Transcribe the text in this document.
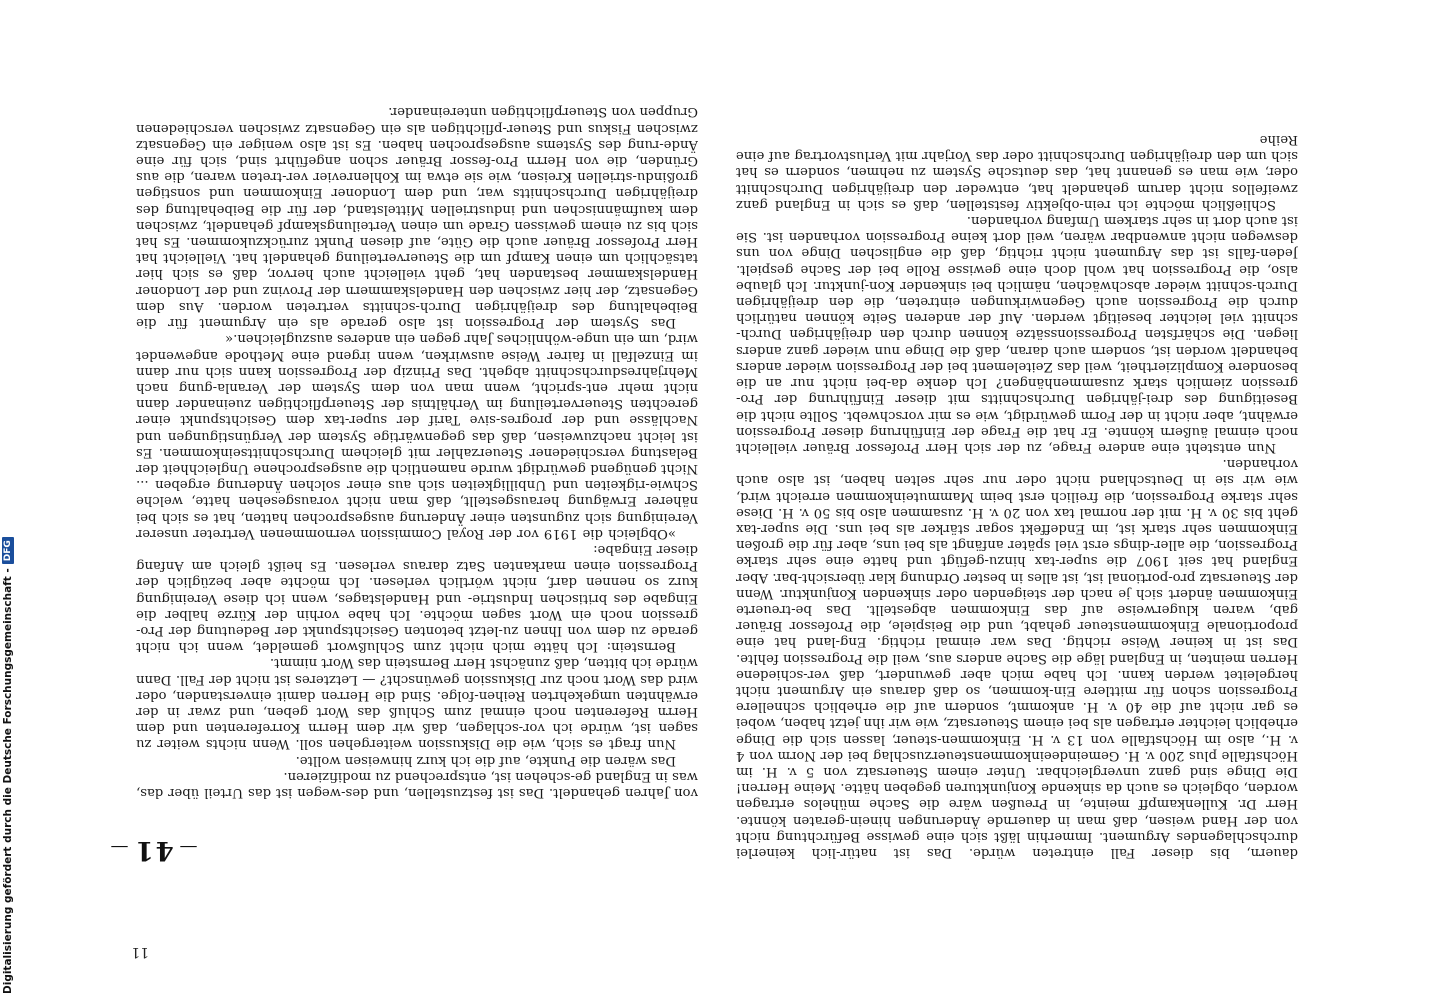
— 41 —

von Jahren gehandelt. Das ist festzustellen, und des-wegen ist das Urteil über das, was in England ge-schehen ist, entsprechend zu modifizieren.

Das wären die Punkte, auf die ich kurz hinweisen wollte.

Nun fragt es sich, wie die Diskussion weitergehen soll. Wenn nichts weiter zu sagen ist, würde ich vor-schlagen, daß wir dem Herrn Korreferenten und dem Herrn Referenten noch einmal zum Schluß das Wort geben, und zwar in der erwähnten umgekehrten Reihen-folge. Sind die Herren damit einverstanden, oder wird das Wort noch zur Diskussion gewünscht? — Letzteres ist nicht der Fall. Dann würde ich bitten, daß zunächst Herr Bernstein das Wort nimmt.

Bernstein: Ich hätte mich nicht zum Schlußwort gemeldet, wenn ich nicht gerade zu dem von Ihnen zu-letzt betonten Gesichtspunkt der Bedeutung der Pro-gression noch ein Wort sagen möchte. Ich habe vorhin der Kürze halber die Eingabe des britischen Industrie- und Handelstages, wenn ich diese Vereinigung kurz so nennen darf, nicht wörtlich verlesen. Ich möchte aber bezüglich der Progression einen markanten Satz daraus verlesen. Es heißt gleich am Anfang dieser Eingabe:

»Obgleich die 1919 vor der Royal Commission vernommenen Vertreter unserer Vereinigung sich zugunsten einer Änderung ausgesprochen hatten, hat es sich bei näherer Erwägung herausgestellt, daß man nicht vorausgesehen hatte, welche Schwie-rigkeiten und Unbilligkeiten sich aus einer solchen Änderung ergeben ... Nicht genügend gewürdigt wurde namentlich die ausgesprochene Ungleichheit der Belastung verschiedener Steuerzahler mit gleichem Durchschnittseinkommen. Es ist leicht nachzuweisen, daß das gegenwärtige System der Vergünstigungen und Nachlässe und der progres-sive Tarif der super-tax dem Gesichtspunkt einer gerechten Steuerverteilung im Verhältnis der Steuerpflichtigen zueinander dann nicht mehr ent-spricht, wenn man von dem System der Veranla-gung nach Mehrjahresdurchschnitt abgeht. Das Prinzip der Progression kann sich nur dann im Einzelfall in fairer Weise auswirken, wenn irgend eine Methode angewendet wird, um ein unge-wöhnliches Jahr gegen ein anderes auszugleichen.«

Das System der Progression ist also gerade als ein Argument für die Beibehaltung des dreijährigen Durch-schnitts vertreten worden. Aus dem Gegensatz, der hier zwischen den Handelskammern der Provinz und der Londoner Handelskammer bestanden hat, geht vielleicht auch hervor, daß es sich hier tatsächlich um einen Kampf um die Steuerverteilung gehandelt hat. Vielleicht hat Herr Professor Bräuer auch die Güte, auf diesen Punkt zurückzukommen. Es hat sich bis zu einem gewissen Grade um einen Verteilungskampf gehandelt, zwischen dem kaufmännischen und industriellen Mittelstand, der für die Beibehaltung des dreijährigen Durchschnitts war, und dem Londoner Einkommen und sonstigen großindu-striellen Kreisen, wie sie etwa im Kohlenrevier ver-treten waren, die aus Gründen, die von Herrn Pro-fessor Bräuer schon angeführt sind, sich für eine Ände-rung des Systems ausgesprochen haben. Es ist also weniger ein Gegensatz zwischen Fiskus und Steuer-pflichtigen als ein Gegensatz zwischen verschiedenen Gruppen von Steuerpflichtigen untereinander.

dauern, bis dieser Fall eintreten würde. Das ist natür-lich keinerlei durchschlagendes Argument. Immerhin läßt sich eine gewisse Befürchtung nicht von der Hand weisen, daß man in dauernde Änderungen hinein-geraten könnte. Herr Dr. Kullenkampff meinte, in Preußen wäre die Sache mühelos ertragen worden, obgleich es auch da sinkende Konjunkturen gegeben hätte. Meine Herren! Die Dinge sind ganz unvergleichbar. Unter einem Steuersatz von 5 v. H. im Höchstfalle plus 200 v. H. Gemeindeeinkommensteuerzuschlag bei der Norm von 4 v. H., also im Höchstfalle von 13 v. H. Einkommen-steuer, lassen sich die Dinge erheblich leichter ertragen als bei einem Steuersatz, wie wir ihn jetzt haben, wobei es gar nicht auf die 40 v. H. ankommt, sondern auf die erheblich schnellere Progression schon für mittlere Ein-kommen, so daß daraus ein Argument nicht hergeleitet werden kann. Ich habe mich aber gewundert, daß ver-schiedene Herren meinten, in England läge die Sache anders aus, weil die Progression fehlte. Das ist in keiner Weise richtig. Das war einmal richtig. Eng-land hat eine proportionale Einkommensteuer gehabt, und die Beispiele, die Professor Bräuer gab, waren klugerweise auf das Einkommen abgestellt. Das be-treuerte Einkommen ändert sich je nach der steigenden oder sinkenden Konjunktur. Wenn der Steuersatz pro-portional ist, ist alles in bester Ordnung klar übersicht-bar. Aber England hat seit 1907 die super-tax hinzu-gefügt und hatte eine sehr starke Progression, die aller-dings erst viel später anfängt als bei uns, aber für die großen Einkommen sehr stark ist, im Endeffekt sogar stärker als bei uns. Die super-tax geht bis 30 v. H. mit der normal tax von 20 v. H. zusammen also bis 50 v. H. Diese sehr starke Progression, die freilich erst beim Mammuteinkommen erreicht wird, wie wir sie in Deutschland nicht oder nur sehr selten haben, ist also auch vorhanden.

Nun entsteht eine andere Frage, zu der sich Herr Professor Bräuer vielleicht noch einmal äußern könnte. Er hat die Frage der Einführung dieser Progression erwähnt, aber nicht in der Form gewürdigt, wie es mir vorschwebt. Sollte nicht die Beseitigung des drei-jährigen Durchschnitts mit dieser Einführung der Pro-gression ziemlich stark zusammenhängen? Ich denke da-bei nicht nur an die besondere Kompliziertheit, weil das Zeitelement bei der Progression wieder anders behandelt worden ist, sondern auch daran, daß die Dinge nun wieder ganz anders liegen. Die schärfsten Progressionssätze können durch den dreijährigen Durch-schnitt viel leichter beseitigt werden. Auf der anderen Seite können natürlich durch die Progression auch Gegenwirkungen eintreten, die den dreijährigen Durch-schnitt wieder abschwächen, nämlich bei sinkender Kon-junktur. Ich glaube also, die Progression hat wohl doch eine gewisse Rolle bei der Sache gespielt. Jeden-falls ist das Argument nicht richtig, daß die englischen Dinge von uns deswegen nicht anwendbar wären, weil dort keine Progression vorhanden ist. Sie ist auch dort in sehr starkem Umfang vorhanden.

Schließlich möchte ich rein-objektiv feststellen, daß es sich in England ganz zweifellos nicht darum gehandelt hat, entweder den dreijährigen Durchschnitt oder, wie man es genannt hat, das deutsche System zu nehmen, sondern es hat sich um den dreijährigen Durchschnitt oder das Vorjahr mit Verlustvortrag auf eine Reihe

11
Digitalisierung gefördert durch die Deutsche Forschungsgemeinschaft -
DFG
